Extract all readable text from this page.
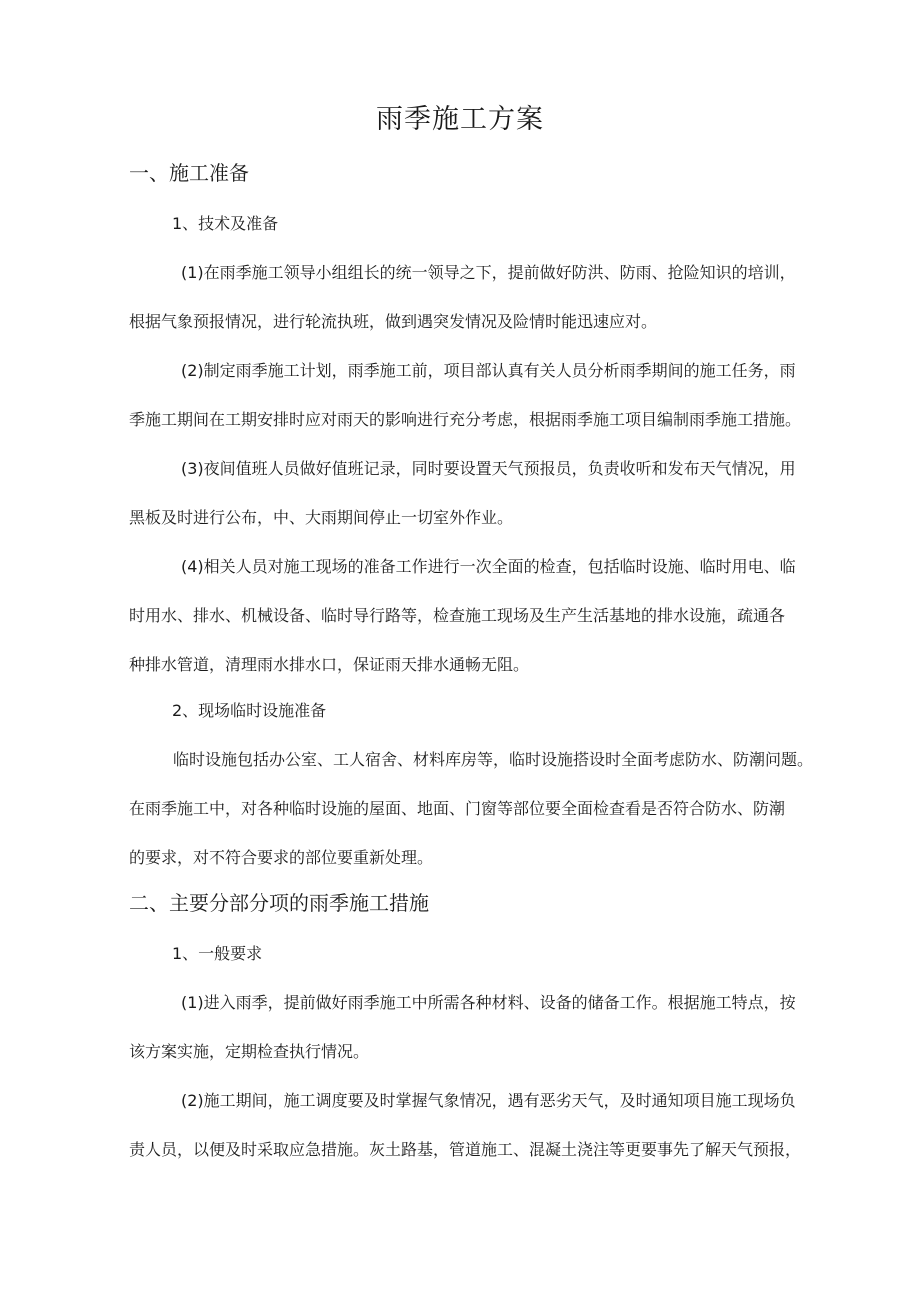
雨季施工方案
一、施工准备
1、技术及准备

(1)在雨季施工领导小组组长的统一领导之下，提前做好防洪、防雨、抢险知识的培训，
根据气象预报情况，进行轮流执班，做到遇突发情况及险情时能迅速应对。

(2)制定雨季施工计划，雨季施工前，项目部认真有关人员分析雨季期间的施工任务，雨
季施工期间在工期安排时应对雨天的影响进行充分考虑，根据雨季施工项目编制雨季施工措施。

(3)夜间值班人员做好值班记录，同时要设置天气预报员，负责收听和发布天气情况，用
黑板及时进行公布，中、大雨期间停止一切室外作业。

(4)相关人员对施工现场的准备工作进行一次全面的检查，包括临时设施、临时用电、临
时用水、排水、机械设备、临时导行路等，检查施工现场及生产生活基地的排水设施，疏通各
种排水管道，清理雨水排水口，保证雨天排水通畅无阻。

2、现场临时设施准备

临时设施包括办公室、工人宿舍、材料库房等，临时设施搭设时全面考虑防水、防潮问题。
在雨季施工中，对各种临时设施的屋面、地面、门窗等部位要全面检查看是否符合防水、防潮
的要求，对不符合要求的部位要重新处理。

二、主要分部分项的雨季施工措施
1、一般要求

(1)进入雨季，提前做好雨季施工中所需各种材料、设备的储备工作。根据施工特点，按
该方案实施，定期检查执行情况。

(2)施工期间，施工调度要及时掌握气象情况，遇有恶劣天气，及时通知项目施工现场负
责人员，以便及时采取应急措施。灰土路基，管道施工、混凝土浇注等更要事先了解天气预报，
